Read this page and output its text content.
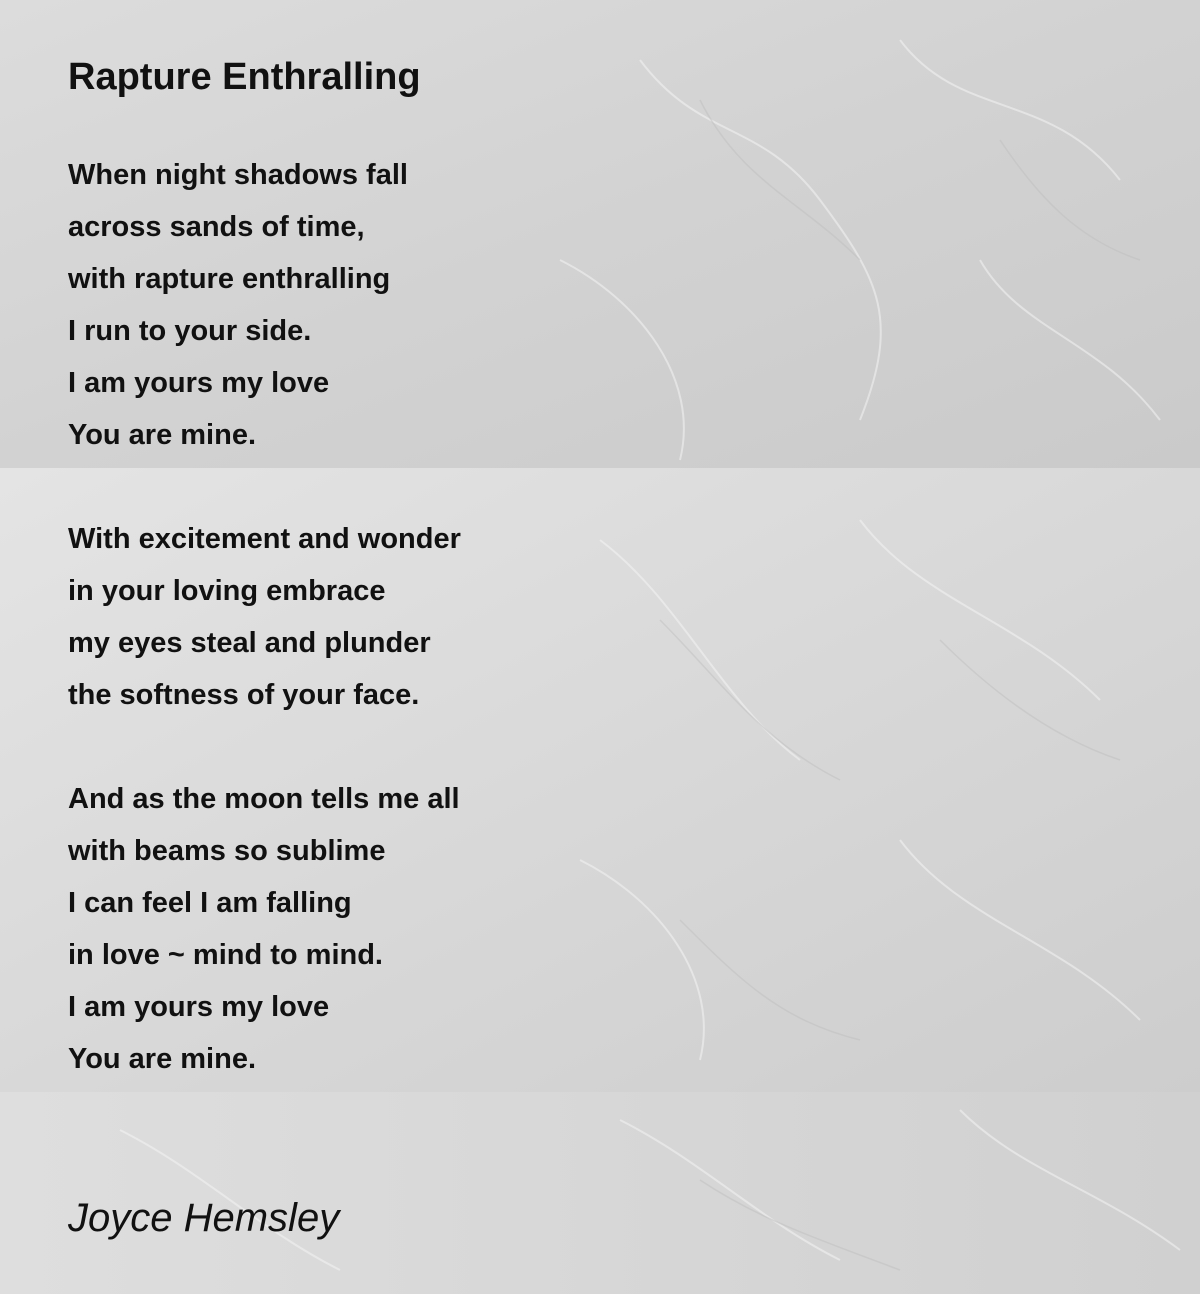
Rapture Enthralling
When night shadows fall
across sands of time,
with rapture enthralling
I run to your side.
I am yours my love
You are mine.
With excitement and wonder
in your loving embrace
my eyes steal and plunder
the softness of your face.
And as the moon tells me all
with beams so sublime
I can feel I am falling
in love ~ mind to mind.
I am yours my love
You are mine.
Joyce Hemsley
